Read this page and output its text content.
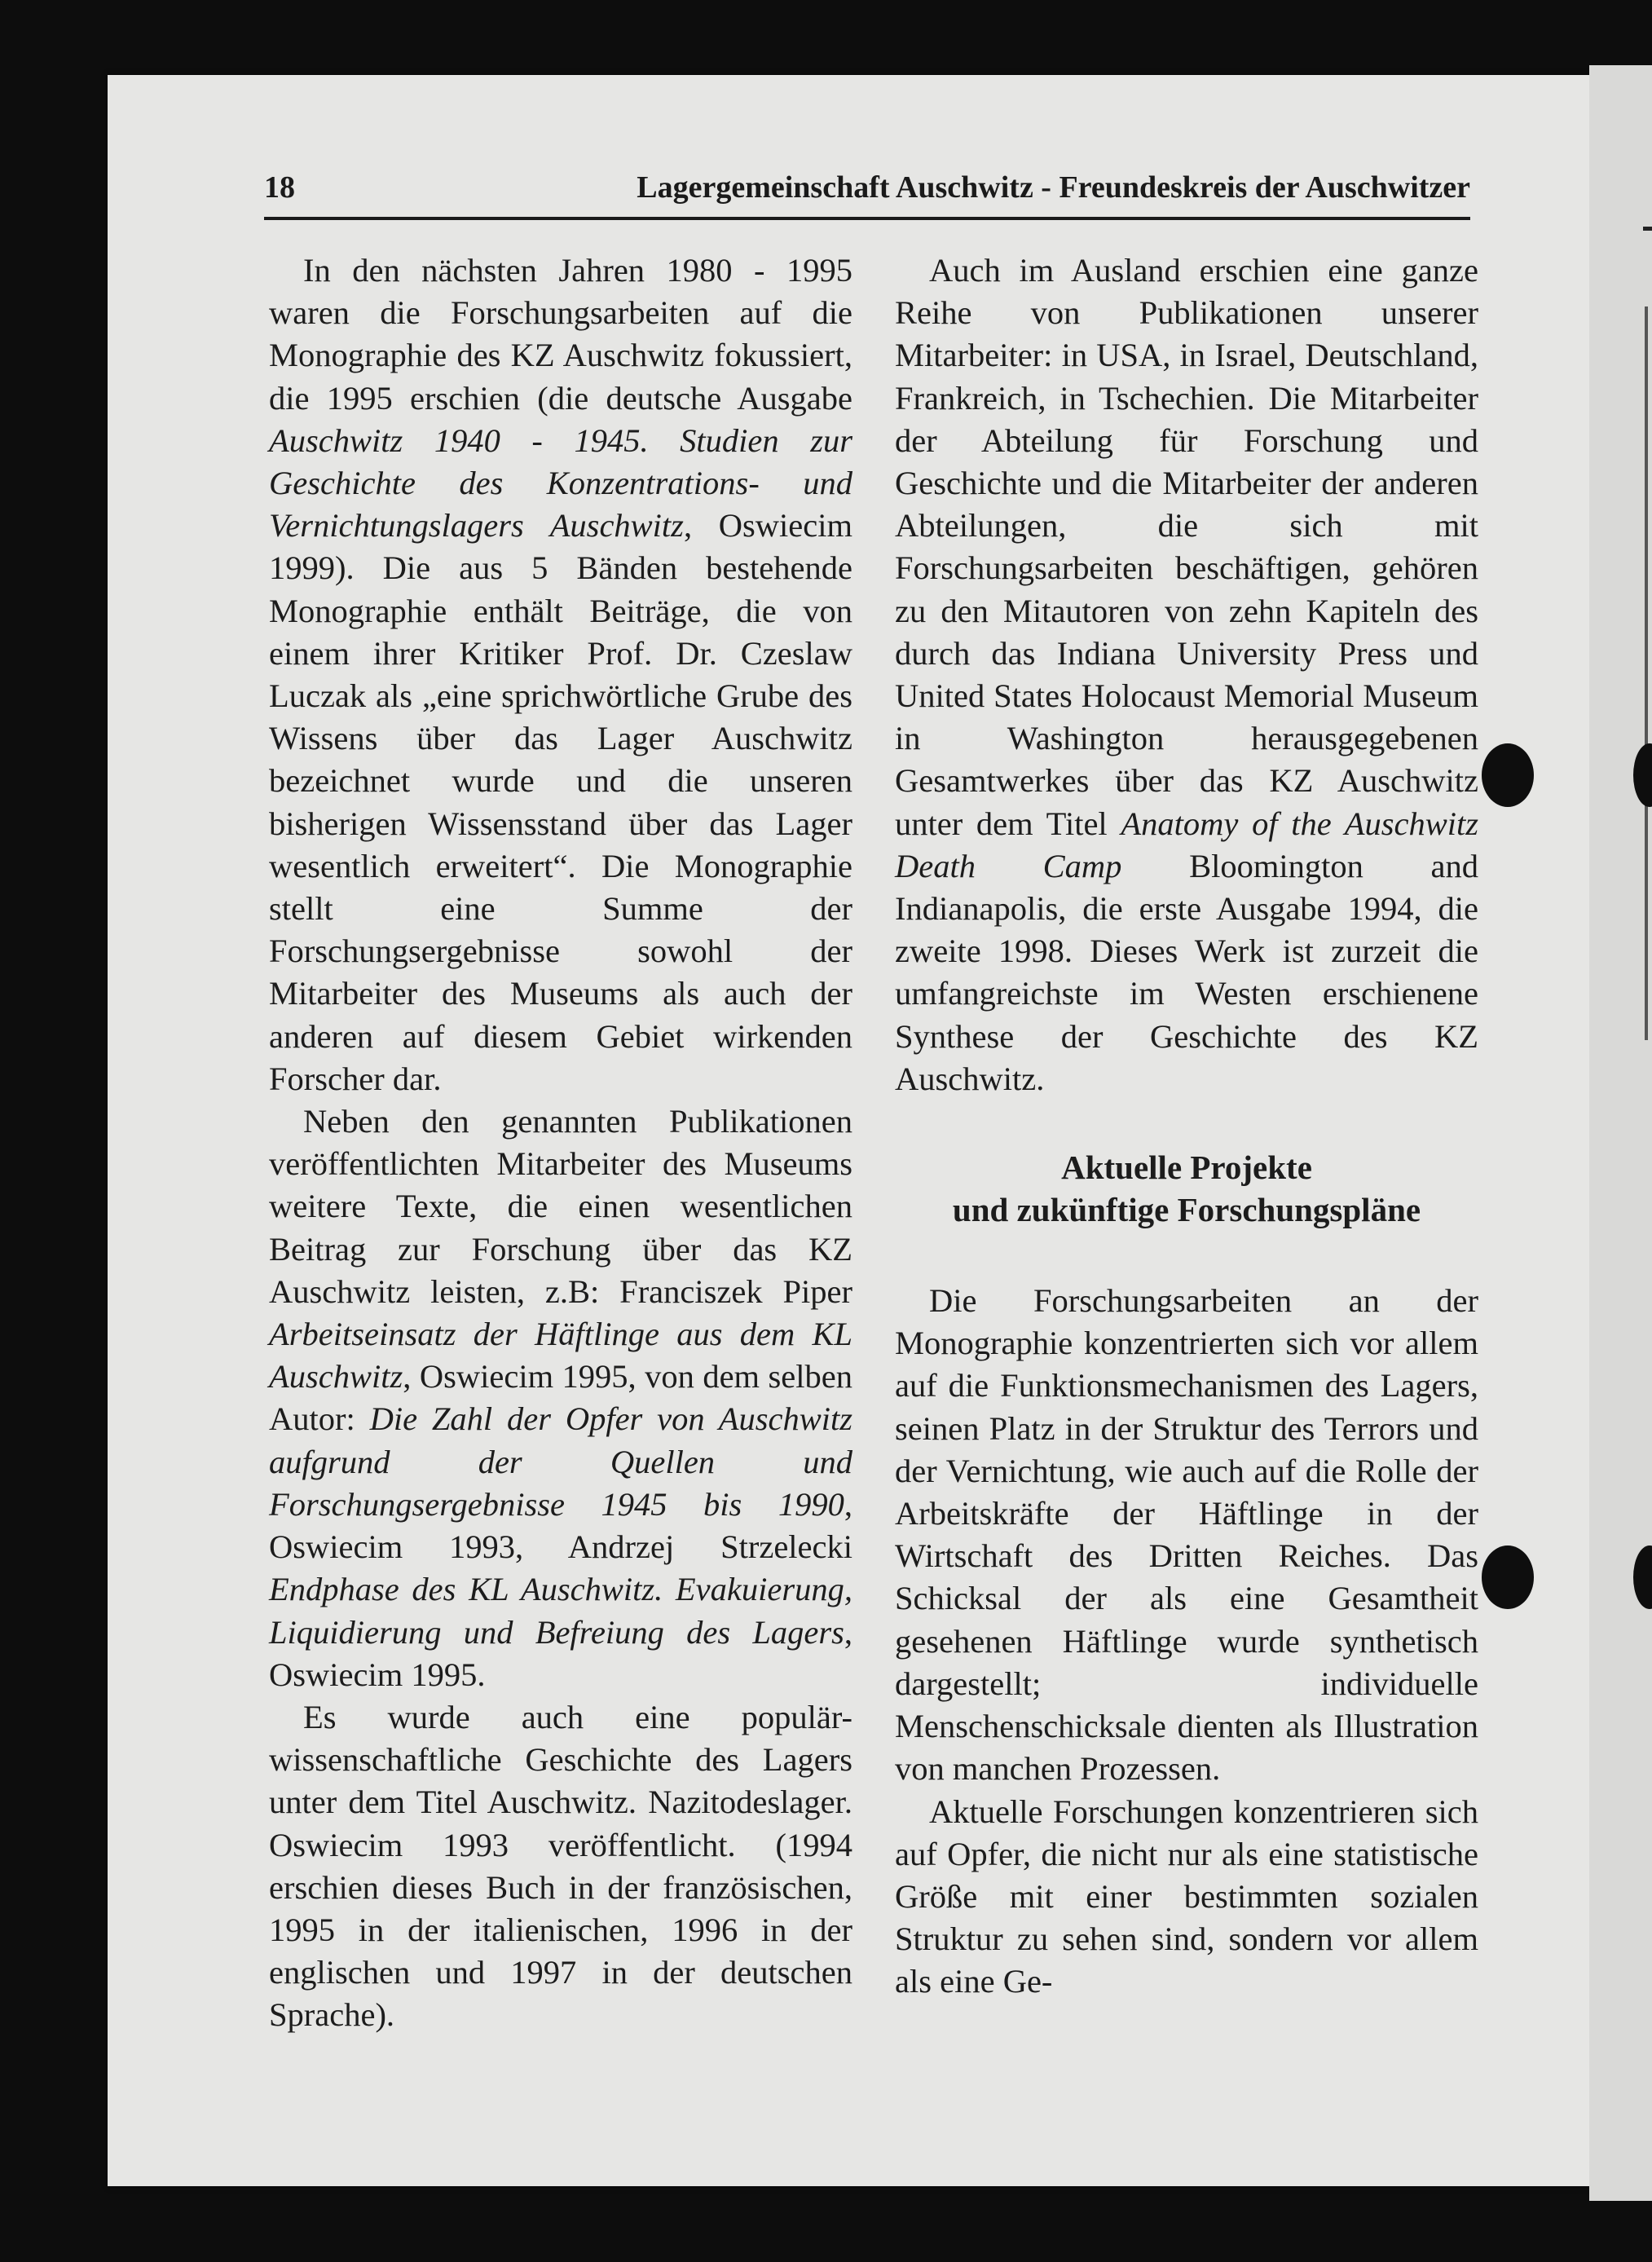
18	Lagergemeinschaft Auschwitz - Freundeskreis der Auschwitzer

In den nächsten Jahren 1980 - 1995 waren die Forschungsarbeiten auf die Monographie des KZ Auschwitz fokussiert, die 1995 erschien (die deutsche Ausgabe Auschwitz 1940 - 1945. Studien zur Geschichte des Konzentrations- und Vernichtungslagers Auschwitz, Oswiecim 1999). Die aus 5 Bänden bestehende Monographie enthält Beiträge, die von einem ihrer Kritiker Prof. Dr. Czeslaw Luczak als „eine sprichwörtliche Grube des Wissens über das Lager Auschwitz bezeichnet wurde und die unseren bisherigen Wissensstand über das Lager wesentlich erweitert“. Die Monographie stellt eine Summe der Forschungsergebnisse sowohl der Mitarbeiter des Museums als auch der anderen auf diesem Gebiet wirkenden Forscher dar.

Neben den genannten Publikationen veröffentlichten Mitarbeiter des Museums weitere Texte, die einen wesentlichen Beitrag zur Forschung über das KZ Auschwitz leisten, z.B: Franciszek Piper Arbeitseinsatz der Häftlinge aus dem KL Auschwitz, Oswiecim 1995, von dem selben Autor: Die Zahl der Opfer von Auschwitz aufgrund der Quellen und Forschungsergebnisse 1945 bis 1990, Oswiecim 1993, Andrzej Strzelecki Endphase des KL Auschwitz. Evakuierung, Liquidierung und Befreiung des Lagers, Oswiecim 1995.

Es wurde auch eine populär-wissenschaftliche Geschichte des Lagers unter dem Titel Auschwitz. Nazitodeslager. Oswiecim 1993 veröffentlicht. (1994 erschien dieses Buch in der französischen, 1995 in der italienischen, 1996 in der englischen und 1997 in der deutschen Sprache).

Auch im Ausland erschien eine ganze Reihe von Publikationen unserer Mitarbeiter: in USA, in Israel, Deutschland, Frankreich, in Tschechien. Die Mitarbeiter der Abteilung für Forschung und Geschichte und die Mitarbeiter der anderen Abteilungen, die sich mit Forschungsarbeiten beschäftigen, gehören zu den Mitautoren von zehn Kapiteln des durch das Indiana University Press und United States Holocaust Memorial Museum in Washington herausgegebenen Gesamtwerkes über das KZ Auschwitz unter dem Titel Anatomy of the Auschwitz Death Camp Bloomington and Indianapolis, die erste Ausgabe 1994, die zweite 1998. Dieses Werk ist zurzeit die umfangreichste im Westen erschienene Synthese der Geschichte des KZ Auschwitz.

Aktuelle Projekte
und zukünftige Forschungspläne

Die Forschungsarbeiten an der Monographie konzentrierten sich vor allem auf die Funktionsmechanismen des Lagers, seinen Platz in der Struktur des Terrors und der Vernichtung, wie auch auf die Rolle der Arbeitskräfte der Häftlinge in der Wirtschaft des Dritten Reiches. Das Schicksal der als eine Gesamtheit gesehenen Häftlinge wurde synthetisch dargestellt; individuelle Menschenschicksale dienten als Illustration von manchen Prozessen.

Aktuelle Forschungen konzentrieren sich auf Opfer, die nicht nur als eine statistische Größe mit einer bestimmten sozialen Struktur zu sehen sind, sondern vor allem als eine Ge-
